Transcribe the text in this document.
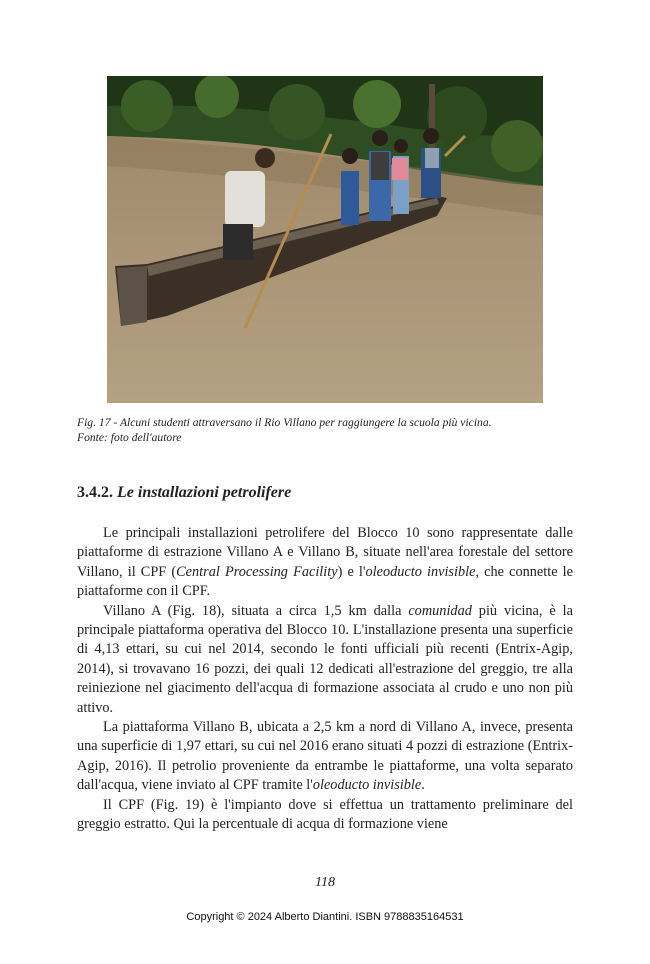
Fig. 17 - Alcuni studenti attraversano il Rio Villano per raggiungere la scuola più vicina.
Fonte: foto dell'autore
3.4.2. Le installazioni petrolifere

Le principali installazioni petrolifere del Blocco 10 sono rappresentate dalle piattaforme di estrazione Villano A e Villano B, situate nell'area forestale del settore Villano, il CPF (Central Processing Facility) e l'oleoducto invisible, che connette le piattaforme con il CPF.

Villano A (Fig. 18), situata a circa 1,5 km dalla comunidad più vicina, è la principale piattaforma operativa del Blocco 10. L'installazione presenta una superficie di 4,13 ettari, su cui nel 2014, secondo le fonti ufficiali più recenti (Entrix-Agip, 2014), si trovavano 16 pozzi, dei quali 12 dedicati all'estrazione del greggio, tre alla reiniezione nel giacimento dell'acqua di formazione associata al crudo e uno non più attivo.

La piattaforma Villano B, ubicata a 2,5 km a nord di Villano A, invece, presenta una superficie di 1,97 ettari, su cui nel 2016 erano situati 4 pozzi di estrazione (Entrix-Agip, 2016). Il petrolio proveniente da entrambe le piattaforme, una volta separato dall'acqua, viene inviato al CPF tramite l'oleoducto invisible.

Il CPF (Fig. 19) è l'impianto dove si effettua un trattamento preliminare del greggio estratto. Qui la percentuale di acqua di formazione viene

118
Copyright © 2024 Alberto Diantini. ISBN 9788835164531
